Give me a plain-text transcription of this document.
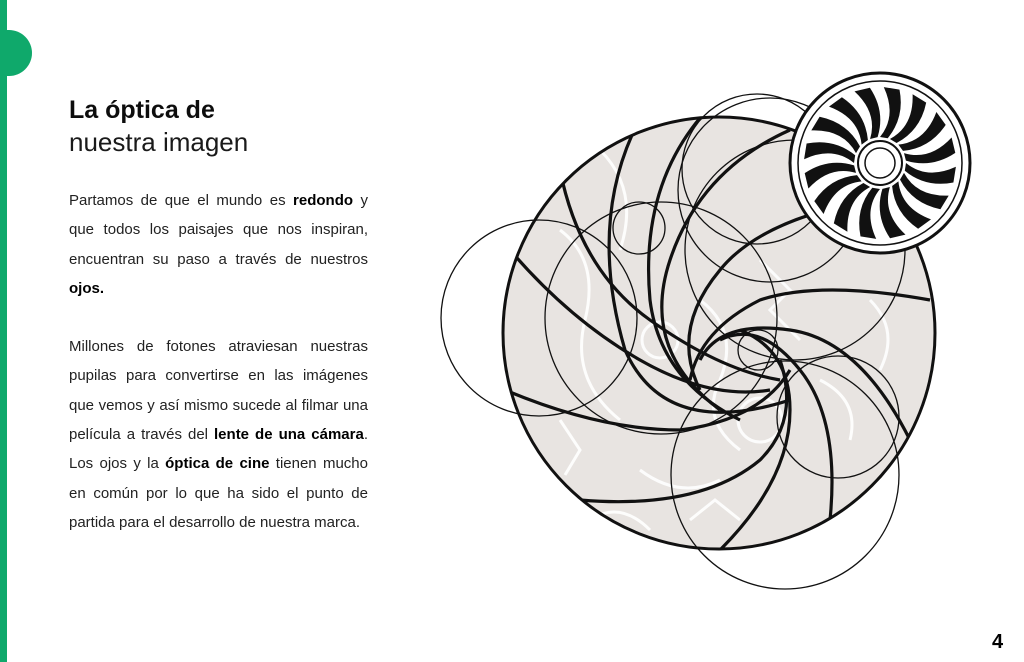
La óptica de
nuestra imagen

Partamos de que el mundo es redondo y que todos los paisajes que nos inspiran, encuentran su paso a través de nuestros ojos.

Millones de fotones atraviesan nuestras pupilas para convertirse en las imágenes que vemos y así mismo sucede al filmar una película a través del lente de una cámara. Los ojos y la óptica de cine tienen mucho en común por lo que ha sido el punto de partida para el desarrollo de nuestra marca.

4
